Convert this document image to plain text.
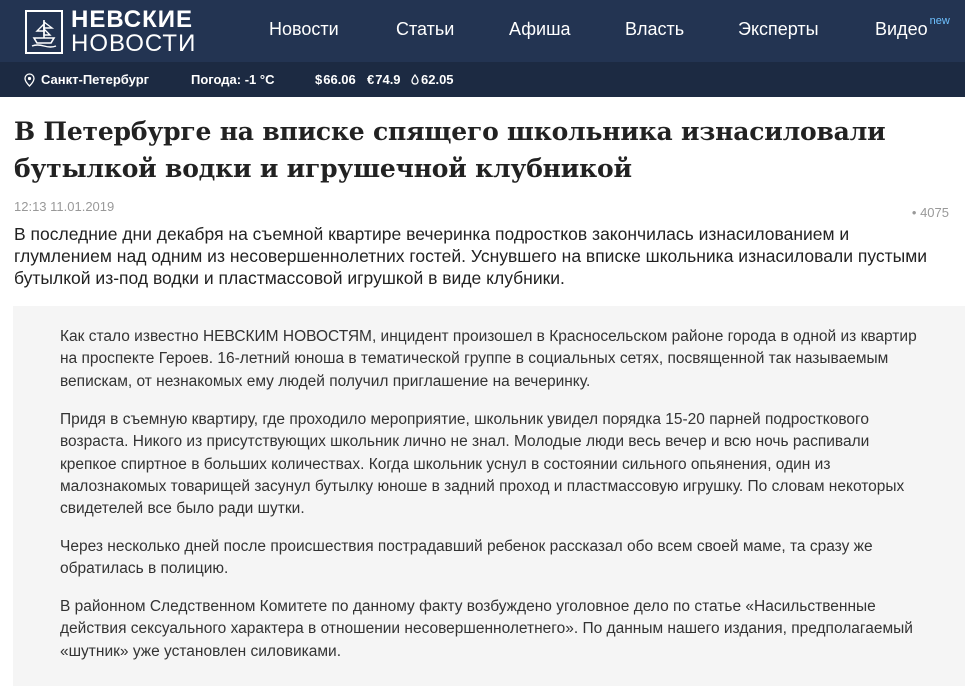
НЕВСКИЕ
НОВОСТИ
Новости	Статьи	Афиша	Власть	Эксперты	Видео $^{new}$
Санкт-Петербург	Погода: -1 °C	$ 66.06 € 74.9 62.05
В Петербурге на вписке спящего школьника изнасиловали бутылкой водки и игрушечной клубникой
12:13 11.01.2019	• 4075

В последние дни декабря на съемной квартире вечеринка подростков закончилась изнасилованием и глумлением над одним из несовершеннолетних гостей. Уснувшего на вписке школьника изнасиловали пустыми бутылкой из-под водки и пластмассовой игрушкой в виде клубники.

Как стало известно НЕВСКИМ НОВОСТЯМ, инцидент произошел в Красносельском районе города в одной из квартир на проспекте Героев. 16-летний юноша в тематической группе в социальных сетях, посвященной так называемым вепискам, от незнакомых ему людей получил приглашение на вечеринку.

Придя в съемную квартиру, где проходило мероприятие, школьник увидел порядка 15-20 парней подросткового возраста. Никого из присутствующих школьник лично не знал. Молодые люди весь вечер и всю ночь распивали крепкое спиртное в больших количествах. Когда школьник уснул в состоянии сильного опьянения, один из малознакомых товарищей засунул бутылку юноше в задний проход и пластмассовую игрушку. По словам некоторых свидетелей все было ради шутки.

Через несколько дней после происшествия пострадавший ребенок рассказал обо всем своей маме, та сразу же обратилась в полицию.

В районном Следственном Комитете по данному факту возбуждено уголовное дело по статье «Насильственные действия сексуального характера в отношении несовершеннолетнего». По данным нашего издания, предполагаемый «шутник» уже установлен силовиками.
